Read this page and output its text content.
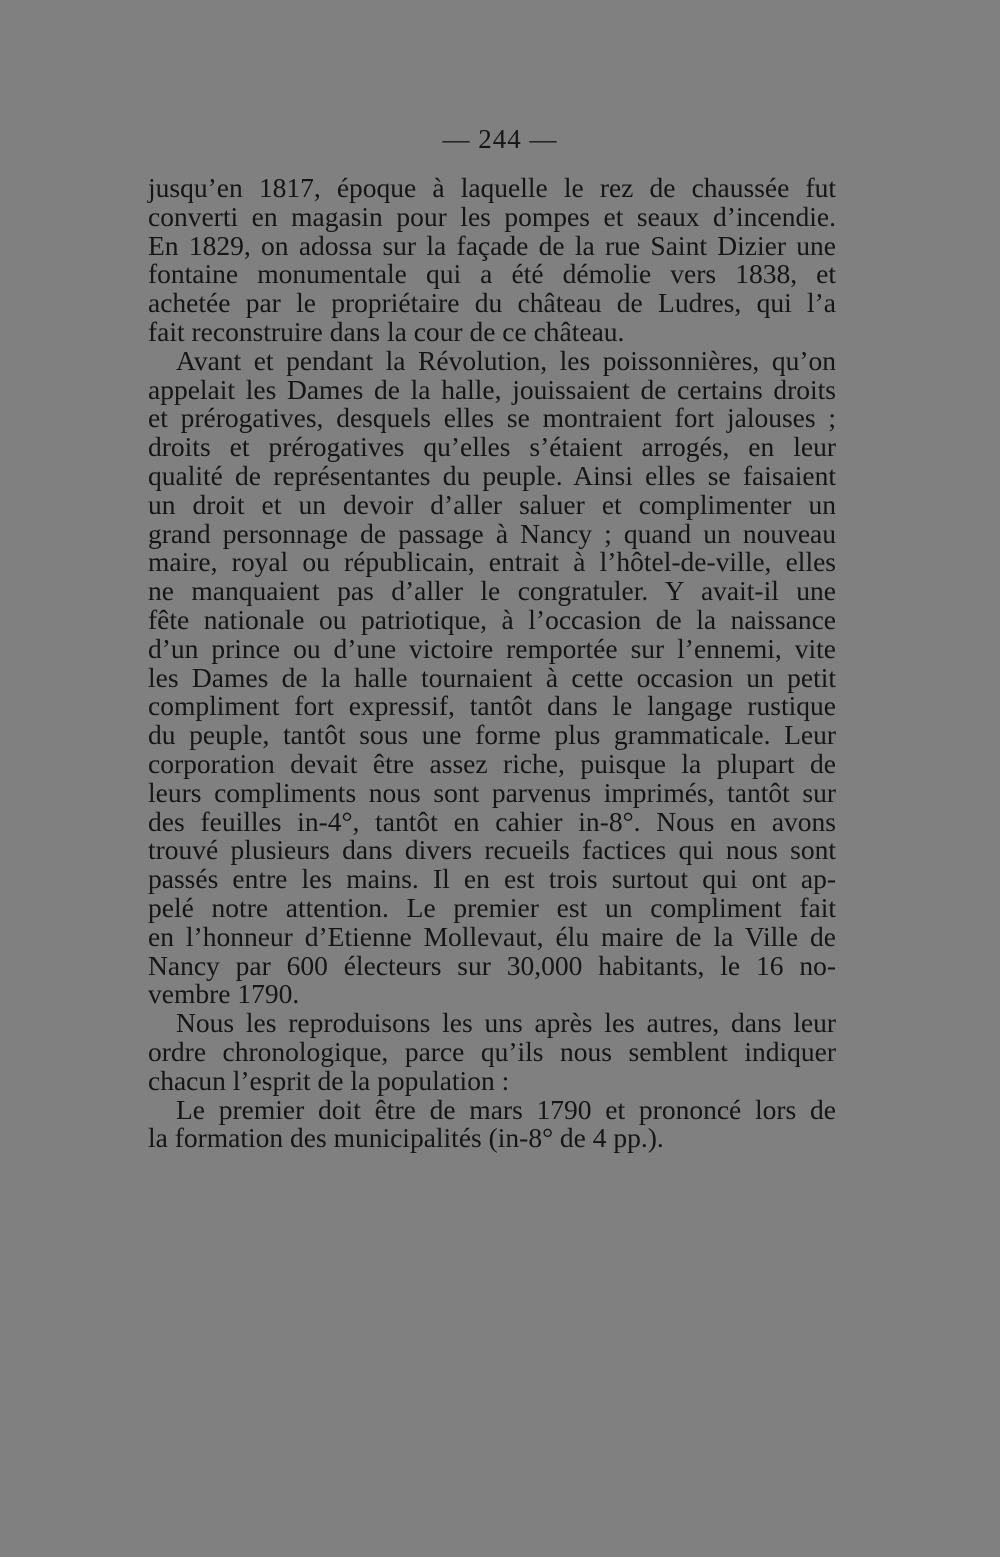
— 244 —
jusqu’en 1817, époque à laquelle le rez de chaussée fut
converti en magasin pour les pompes et seaux d’incendie.
En 1829, on adossa sur la façade de la rue Saint Dizier une
fontaine monumentale qui a été démolie vers 1838, et
achetée par le propriétaire du château de Ludres, qui l’a
fait reconstruire dans la cour de ce château.
Avant et pendant la Révolution, les poissonnières, qu’on
appelait les Dames de la halle, jouissaient de certains droits
et prérogatives, desquels elles se montraient fort jalouses ;
droits et prérogatives qu’elles s’étaient arrogés, en leur
qualité de représentantes du peuple. Ainsi elles se faisaient
un droit et un devoir d’aller saluer et complimenter un
grand personnage de passage à Nancy ; quand un nouveau
maire, royal ou républicain, entrait à l’hôtel-de-ville, elles
ne manquaient pas d’aller le congratuler. Y avait-il une
fête nationale ou patriotique, à l’occasion de la naissance
d’un prince ou d’une victoire remportée sur l’ennemi, vite
les Dames de la halle tournaient à cette occasion un petit
compliment fort expressif, tantôt dans le langage rustique
du peuple, tantôt sous une forme plus grammaticale. Leur
corporation devait être assez riche, puisque la plupart de
leurs compliments nous sont parvenus imprimés, tantôt sur
des feuilles in-4°, tantôt en cahier in-8°. Nous en avons
trouvé plusieurs dans divers recueils factices qui nous sont
passés entre les mains. Il en est trois surtout qui ont ap-
pelé notre attention. Le premier est un compliment fait
en l’honneur d’Etienne Mollevaut, élu maire de la Ville de
Nancy par 600 électeurs sur 30,000 habitants, le 16 no-
vembre 1790.
Nous les reproduisons les uns après les autres, dans leur
ordre chronologique, parce qu’ils nous semblent indiquer
chacun l’esprit de la population :
Le premier doit être de mars 1790 et prononcé lors de
la formation des municipalités (in-8° de 4 pp.).
